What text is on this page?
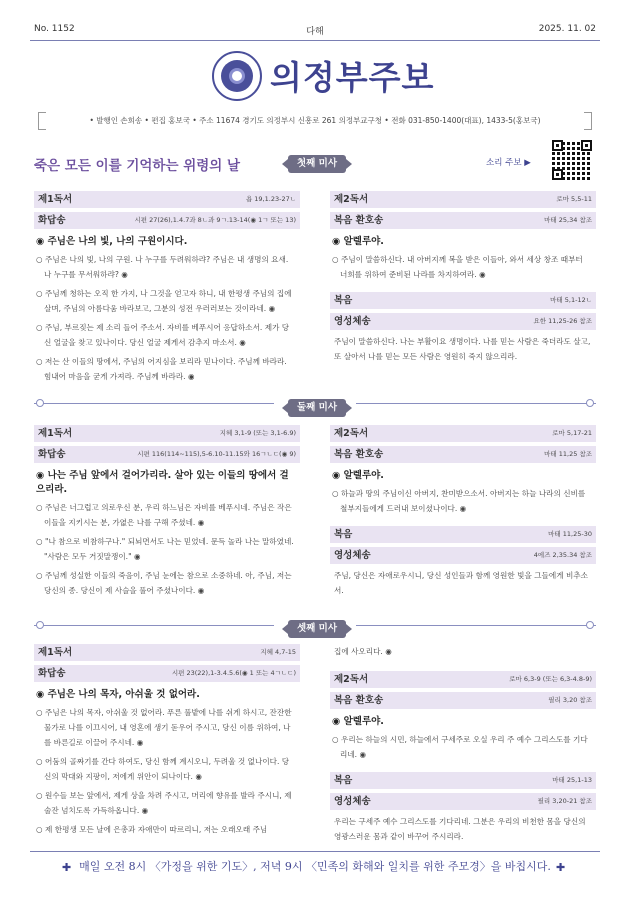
No. 1152	다해	2025. 11. 02
의정부주보
• 발행인 손희송 • 편집 홍보국 • 주소 11674 경기도 의정부시 신흥로 261 의정부교구청 • 전화 031-850-1400(대표), 1433-5(홍보국)
죽은 모든 이를 기억하는 위령의 날	소리 주보 ▶
첫째 미사
제1독서	욥 19,1.23-27ㄴ
화답송	시편 27(26),1.4.7과 8ㄴ과 9ㄱ.13-14(◉ 1ㄱ 또는 13)
◉ 주님은 나의 빛, 나의 구원이시다.
○ 주님은 나의 빛, 나의 구원. 나 누구를 두려워하랴? 주님은 내 생명의 요새. 나 누구를 무서워하랴? ◉
○ 주님께 청하는 오직 한 가지, 나 그것을 얻고자 하니, 내 한평생 주님의 집에 살며, 주님의 아름다움 바라보고, 그분의 성전 우러러보는 것이라네. ◉
○ 주님, 부르짖는 제 소리 들어 주소서. 자비를 베푸시어 응답하소서. 제가 당신 얼굴을 찾고 있나이다. 당신 얼굴 제게서 감추지 마소서. ◉
○ 저는 산 이들의 땅에서, 주님의 어지심을 보리라 믿나이다. 주님께 바라라. 힘내어 마음을 굳게 가져라. 주님께 바라라. ◉
제2독서	로마 5,5-11
복음 환호송	마태 25,34 참조
◉ 알렐루야.
○ 주님이 말씀하신다. 내 아버지께 복을 받은 이들아, 와서 세상 창조 때부터 너희를 위하여 준비된 나라를 차지하여라. ◉
복음	마태 5,1-12ㄴ
영성체송	요한 11,25-26 참조
주님이 말씀하신다. 나는 부활이요 생명이다. 나를 믿는 사람은 죽더라도 살고, 또 살아서 나를 믿는 모든 사람은 영원히 죽지 않으리라.
둘째 미사
제1독서	지혜 3,1-9 (또는 3,1-6.9)
화답송	시편 116(114~115),5-6.10-11.15와 16ㄱㄴㄷ(◉ 9)
◉ 나는 주님 앞에서 걸어가리라. 살아 있는 이들의 땅에서 걸으리라.
○ 주님은 너그럽고 의로우신 분, 우리 하느님은 자비를 베푸시네. 주님은 작은 이들을 지키시는 분, 가엾은 나를 구해 주셨네. ◉
○ "나 참으로 비참하구나." 되뇌면서도 나는 믿었네. 문득 놀라 나는 말하였네. "사람은 모두 거짓말쟁이." ◉
○ 주님께 성실한 이들의 죽음이, 주님 눈에는 참으로 소중하네. 아, 주님, 저는 당신의 종. 당신이 제 사슬을 풀어 주셨나이다. ◉
제2독서	로마 5,17-21
복음 환호송	마태 11,25 참조
◉ 알렐루야.
○ 하늘과 땅의 주님이신 아버지, 찬미받으소서. 아버지는 하늘 나라의 신비를 철부지들에게 드러내 보이셨나이다. ◉
복음	마태 11,25-30
영성체송	4에즈 2,35.34 참조
주님, 당신은 자애로우시니, 당신 성인들과 함께 영원한 빛을 그들에게 비추소서.
셋째 미사
제1독서	지혜 4,7-15
화답송	시편 23(22),1-3.4.5.6(◉ 1 또는 4ㄱㄴㄷ)
◉ 주님은 나의 목자, 아쉬울 것 없어라.
○ 주님은 나의 목자, 아쉬울 것 없어라. 푸른 풀밭에 나를 쉬게 하시고, 잔잔한 물가로 나를 이끄시어, 내 영혼에 생기 돋우어 주시고, 당신 이름 위하여, 나를 바른길로 이끌어 주시네. ◉
○ 어둠의 골짜기를 간다 하여도, 당신 함께 계시오니, 두려울 것 없나이다. 당신의 막대와 지팡이, 저에게 위안이 되나이다. ◉
○ 원수들 보는 앞에서, 제게 상을 차려 주시고, 머리에 향유를 발라 주시니, 제 술잔 넘치도록 가득하옵니다. ◉
○ 제 한평생 모든 날에 은총과 자애만이 따르리니, 저는 오래오래 주님
집에 사오리다. ◉
제2독서	로마 6,3-9 (또는 6,3-4.8-9)
복음 환호송	필리 3,20 참조
◉ 알렐루야.
○ 우리는 하늘의 시민, 하늘에서 구세주로 오실 우리 주 예수 그리스도를 기다리네. ◉
복음	마태 25,1-13
영성체송	필리 3,20-21 참조
우리는 구세주 예수 그리스도를 기다리네. 그분은 우리의 비천한 몸을 당신의 영광스러운 몸과 같이 바꾸어 주시리라.
✚ 매일 오전 8시 〈가정을 위한 기도〉, 저녁 9시 〈민족의 화해와 일치를 위한 주모경〉을 바칩시다. ✚
